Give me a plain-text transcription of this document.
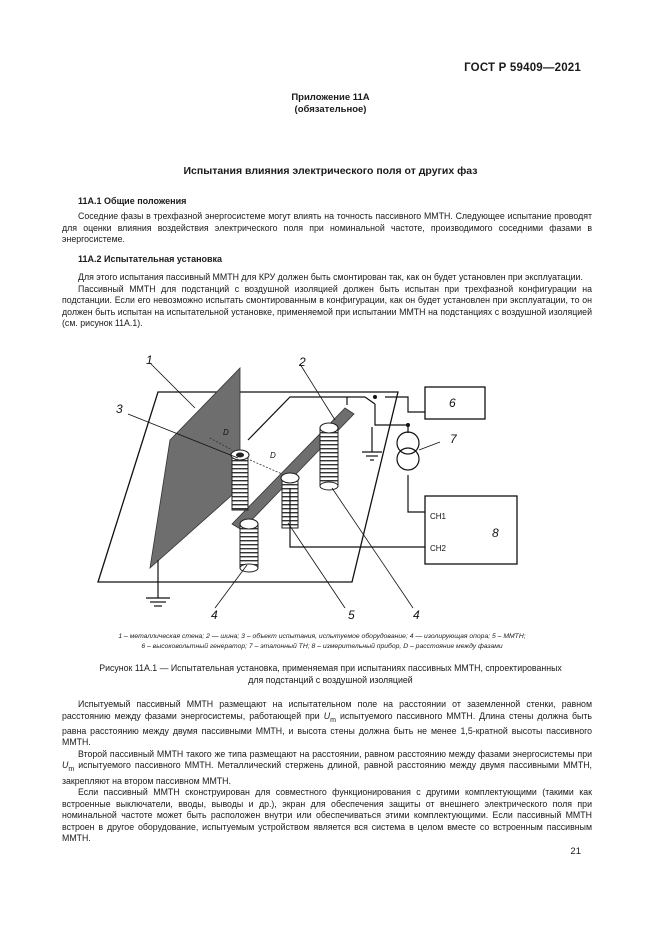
ГОСТ Р 59409—2021
Приложение 11А
(обязательное)
Испытания влияния электрического поля от других фаз
11А.1 Общие положения

Соседние фазы в трехфазной энергосистеме могут влиять на точность пассивного ММТН. Следующее испытание проводят для оценки влияния воздействия электрического поля при номинальной частоте, производимого соседними фазами в энергосистеме.

11А.2 Испытательная установка

Для этого испытания пассивный ММТН для КРУ должен быть смонтирован так, как он будет установлен при эксплуатации.

Пассивный ММТН для подстанций с воздушной изоляцией должен быть испытан при трехфазной конфигурации на подстанции. Если его невозможно испытать смонтированным в конфигурации, как он будет установлен при эксплуатации, то он должен быть испытан на испытательной установке, применяемой при испытании ММТН на подстанциях с воздушной изоляцией (см. рисунок 11А.1).

D
D
CH1
CH2
1	2
3
4	5	4
6
7
8
1 – металлическая стена; 2 — шина; 3 – объект испытания, испытуемое оборудование; 4 — изолирующая опора; 5 – ММТН;
6 – высоковольтный генератор; 7 – эталонный ТН; 8 – измерительный прибор, D – расстояние между фазами
Рисунок 11А.1 — Испытательная установка, применяемая при испытаниях пассивных ММТН, спроектированных
для подстанций с воздушной изоляцией

Испытуемый пассивный ММТН размещают на испытательном поле на расстоянии от заземленной стенки, равном расстоянию между фазами энергосистемы, работающей при $U_m$ испытуемого пассивного ММТН. Длина стены должна быть равна расстоянию между двумя пассивными ММТН, и высота стены должна быть не менее 1,5-кратной высоты пассивного ММТН.

Второй пассивный ММТН такого же типа размещают на расстоянии, равном расстоянию между фазами энергосистемы при $U_m$ испытуемого пассивного ММТН. Металлический стержень длиной, равной расстоянию между двумя пассивными ММТН, закрепляют на втором пассивном ММТН.

Если пассивный ММТН сконструирован для совместного функционирования с другими комплектующими (такими как встроенные выключатели, вводы, выводы и др.), экран для обеспечения защиты от внешнего электрического поля при номинальной частоте может быть расположен внутри или обеспечиваться этими комплектующими. Если пассивный ММТН встроен в другое оборудование, испытуемым устройством является вся система в целом вместе со встроенным пассивным ММТН.

21
